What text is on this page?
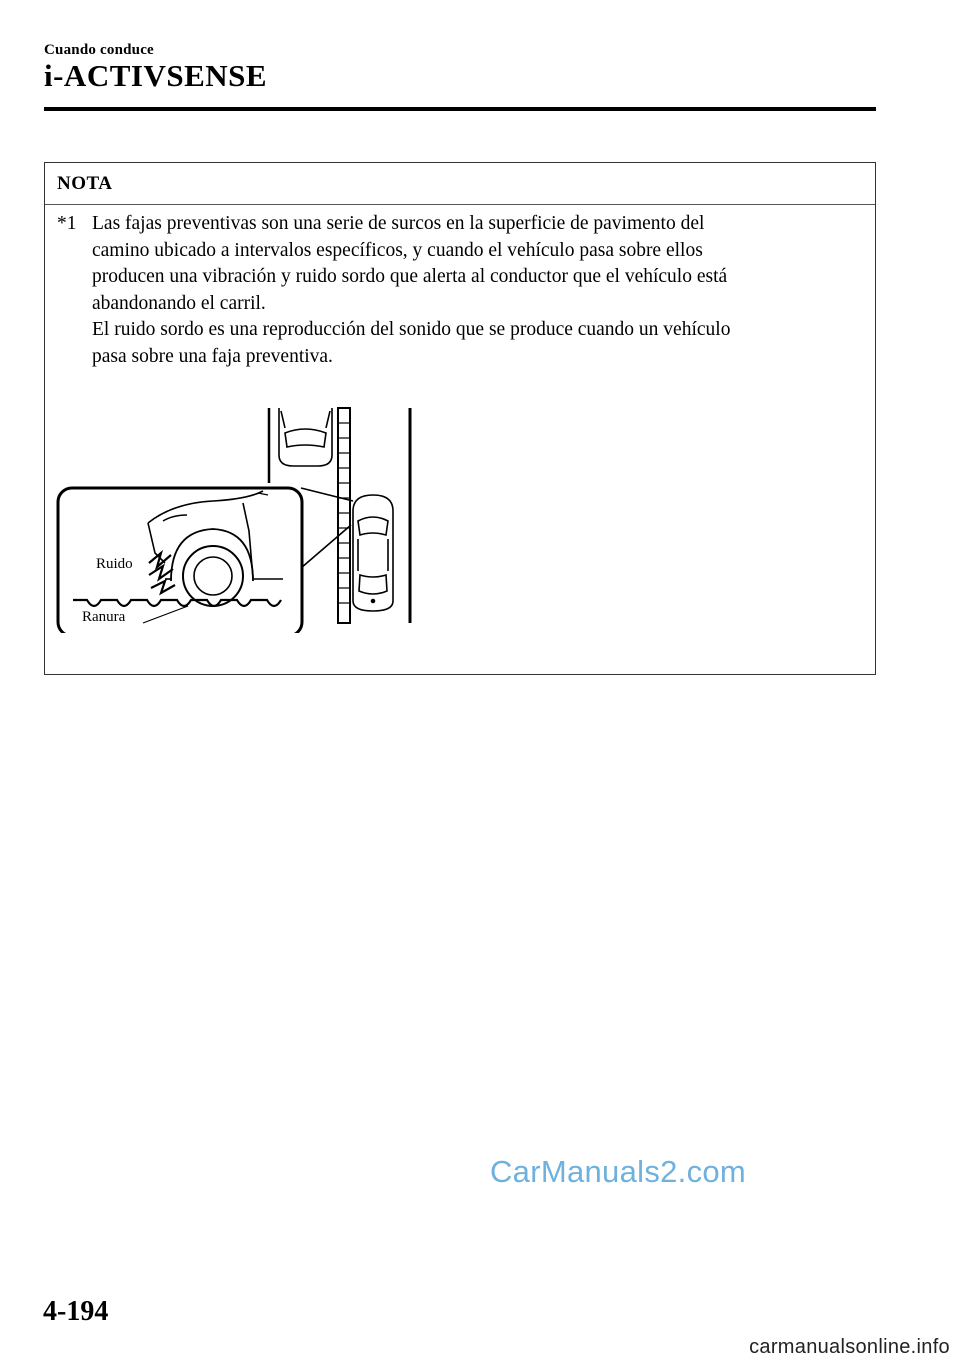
Cuando conduce
i-ACTIVSENSE
NOTA
*1 Las fajas preventivas son una serie de surcos en la superficie de pavimento del
camino ubicado a intervalos específicos, y cuando el vehículo pasa sobre ellos
producen una vibración y ruido sordo que alerta al conductor que el vehículo está
abandonando el carril.
El ruido sordo es una reproducción del sonido que se produce cuando un vehículo
pasa sobre una faja preventiva.
Ruido
Ranura
CarManuals2.com
4-194
carmanualsonline.info
